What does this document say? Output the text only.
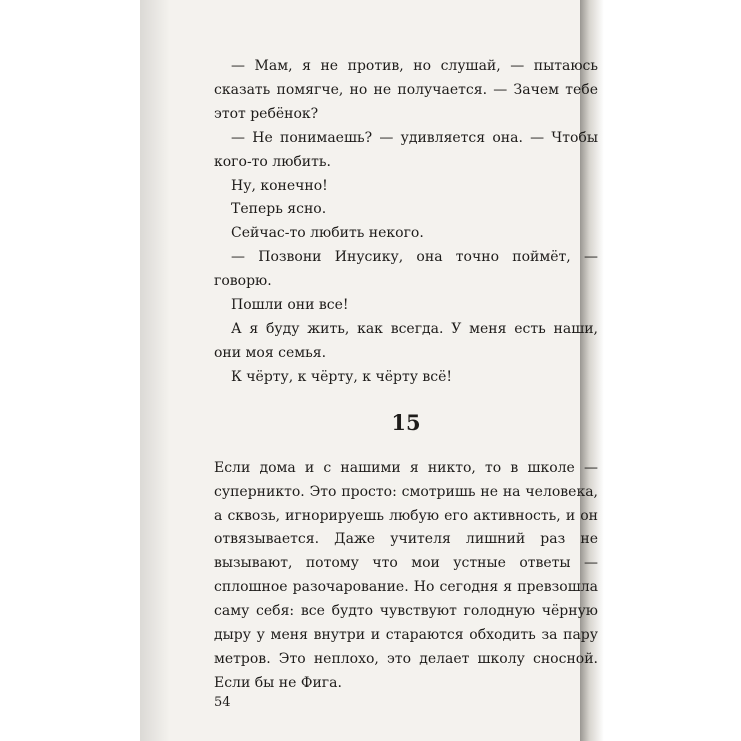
— Мам, я не против, но слушай, — пытаюсь сказать помягче, но не получается. — Зачем тебе этот ребёнок?

— Не понимаешь? — удивляется она. — Чтобы кого-то любить.

Ну, конечно!

Теперь ясно.

Сейчас-то любить некого.

— Позвони Инусику, она точно поймёт, — говорю.

Пошли они все!

А я буду жить, как всегда. У меня есть наши, они моя семья.

К чёрту, к чёрту, к чёрту всё!

15

Если дома и с нашими я никто, то в школе — суперникто. Это просто: смотришь не на человека, а сквозь, игнорируешь любую его активность, и он отвязывается. Даже учителя лишний раз не вызывают, потому что мои устные ответы — сплошное разочарование. Но сегодня я превзошла саму себя: все будто чувствуют голодную чёрную дыру у меня внутри и стараются обходить за пару метров. Это неплохо, это делает школу сносной. Если бы не Фига.

54
